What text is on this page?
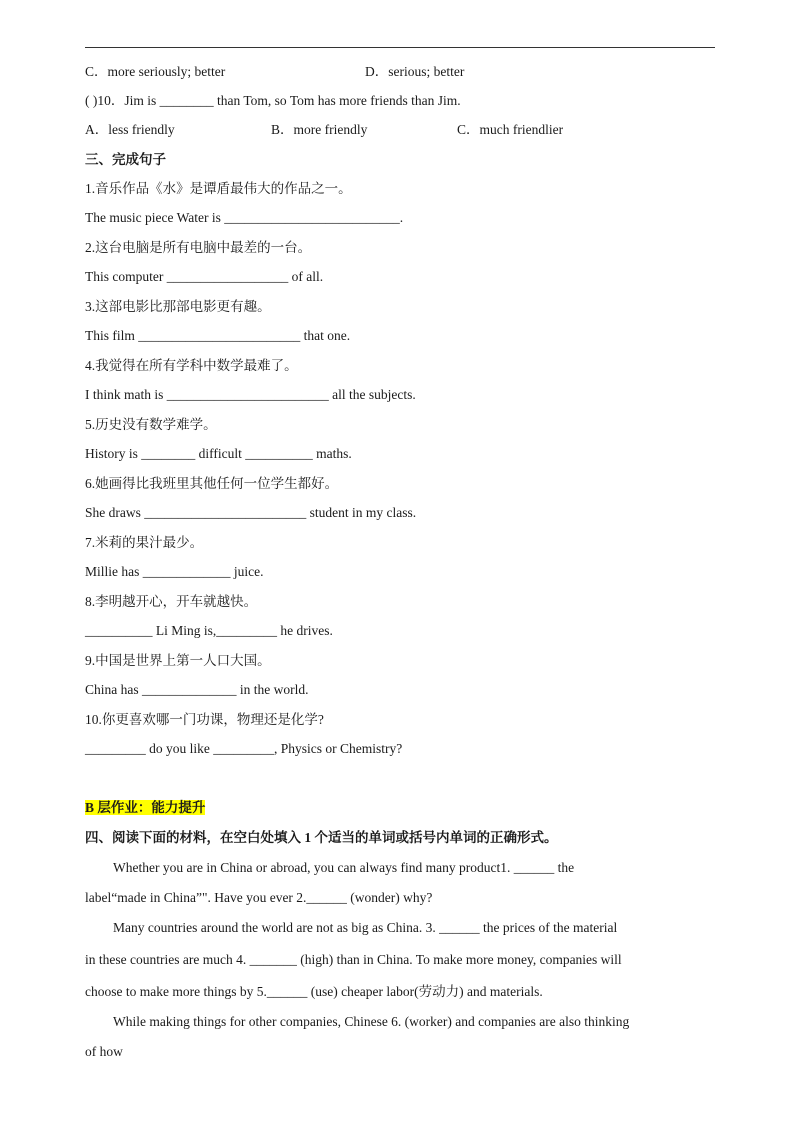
C．more seriously; better	D．serious; better
( )10．Jim is ________ than Tom, so Tom has more friends than Jim.
A．less friendly	B．more friendly	C．much friendlier
三、完成句子
1.音乐作品《水》是谭盾最伟大的作品之一。
The music piece Water is __________________________.
2.这台电脑是所有电脑中最差的一台。
This computer __________________ of all.
3.这部电影比那部电影更有趣。
This film ________________________ that one.
4.我觉得在所有学科中数学最难了。
I think math is ________________________ all the subjects.
5.历史没有数学难学。
History is ________ difficult __________ maths.
6.她画得比我班里其他任何一位学生都好。
She draws ________________________ student in my class.
7.米莉的果汁最少。
Millie has _____________ juice.
8.李明越开心，开车就越快。
__________ Li Ming is,_________ he drives.
9.中国是世界上第一人口大国。
China has ______________ in the world.
10.你更喜欢哪一门功课，物理还是化学?
_________ do you like _________, Physics or Chemistry?
B 层作业：能力提升
四、阅读下面的材料，在空白处填入 1 个适当的单词或括号内单词的正确形式。
Whether you are in China or abroad, you can always find many product1. ______ the
label“made in China”". Have you ever 2.______ (wonder) why?
Many countries around the world are not as big as China. 3. ______ the prices of the material
in these countries are much 4. _______ (high) than in China. To make more money, companies will
choose to make more things by 5.______ (use) cheaper labor(劳动力) and materials.
While making things for other companies, Chinese 6. (worker) and companies are also thinking
of how
